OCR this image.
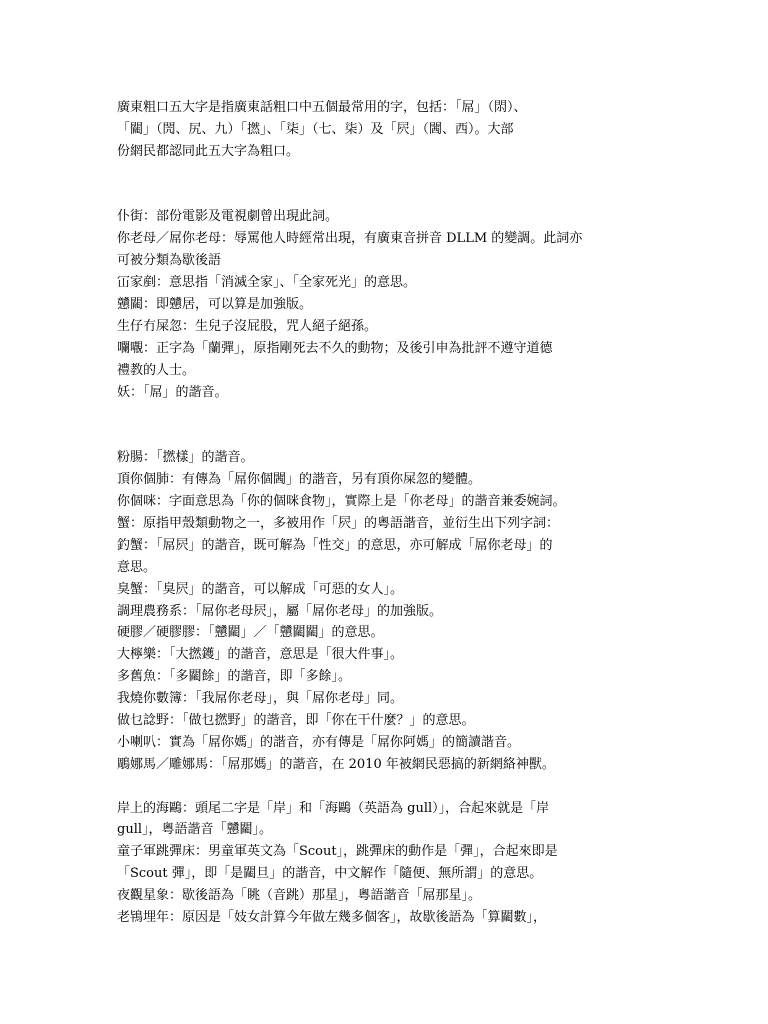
廣東粗口五大字是指廣東話粗口中五個最常用的字，包括：「屌」（𨳒）、
「𨶙」（閌、尻、九）「撚」、「柒」（七、柒）及「屄」（閪、西）。大部
份網民都認同此五大字為粗口。
仆街：部份電影及電視劇曾出現此詞。
你老母／屌你老母：辱罵他人時經常出現，有廣東音拼音 DLLM 的變調。此詞亦
可被分類為歇後語
冚家剷：意思指「消滅全家」、「全家死光」的意思。
戇𨶙：即戇居，可以算是加強版。
生仔冇屎忽：生兒子沒屁股，咒人絕子絕孫。
㘓𡃁：正字為「蘭彈」，原指剛死去不久的動物；及後引申為批評不遵守道德
禮教的人士。
妖：「屌」的諧音。
粉腸：「撚樣」的諧音。
頂你個肺：有傳為「屌你個閪」的諧音，另有頂你屎忽的變體。
你個咪：字面意思為「你的個咪食物」，實際上是「你老母」的諧音兼委婉詞。
蟹：原指甲殼類動物之一，多被用作「屄」的粵語諧音，並衍生出下列字詞：
釣蟹：「屌屄」的諧音，既可解為「性交」的意思，亦可解成「屌你老母」的
意思。
臭蟹：「臭屄」的諧音，可以解成「可惡的女人」。
調理農務系：「屌你老母屄」，屬「屌你老母」的加強版。
硬膠／硬膠膠：「戇𨶙」／「戇𨶙𨶙」的意思。
大檸樂：「大撚鑊」的諧音，意思是「很大件事」。
多舊魚：「多𨶙餘」的諧音，即「多餘」。
我燒你數簿：「我屌你老母」，與「屌你老母」同。
做乜諗野：「做乜撚野」的諧音，即「你在干什麼？」的意思。
小喇叭：實為「屌你媽」的諧音，亦有傳是「屌你阿媽」的簡讀諧音。
鵰娜馬／雕娜馬：「屌那媽」的諧音，在 2010 年被網民惡搞的新網絡神獸。
岸上的海鷗：頭尾二字是「岸」和「海鷗（英語為 gull）」，合起來就是「岸
gull」，粵語諧音「戇𨶙」。
童子軍跳彈床：男童軍英文為「Scout」，跳彈床的動作是「彈」，合起來即是
「Scout 彈」，即「是𨶙旦」的諧音，中文解作「隨便、無所謂」的意思。
夜觀星象：歇後語為「眺（音跳）那星」，粵語諧音「屌那星」。
老鴇埋年：原因是「妓女計算今年做左幾多個客」，故歇後語為「算𨶙數」，
